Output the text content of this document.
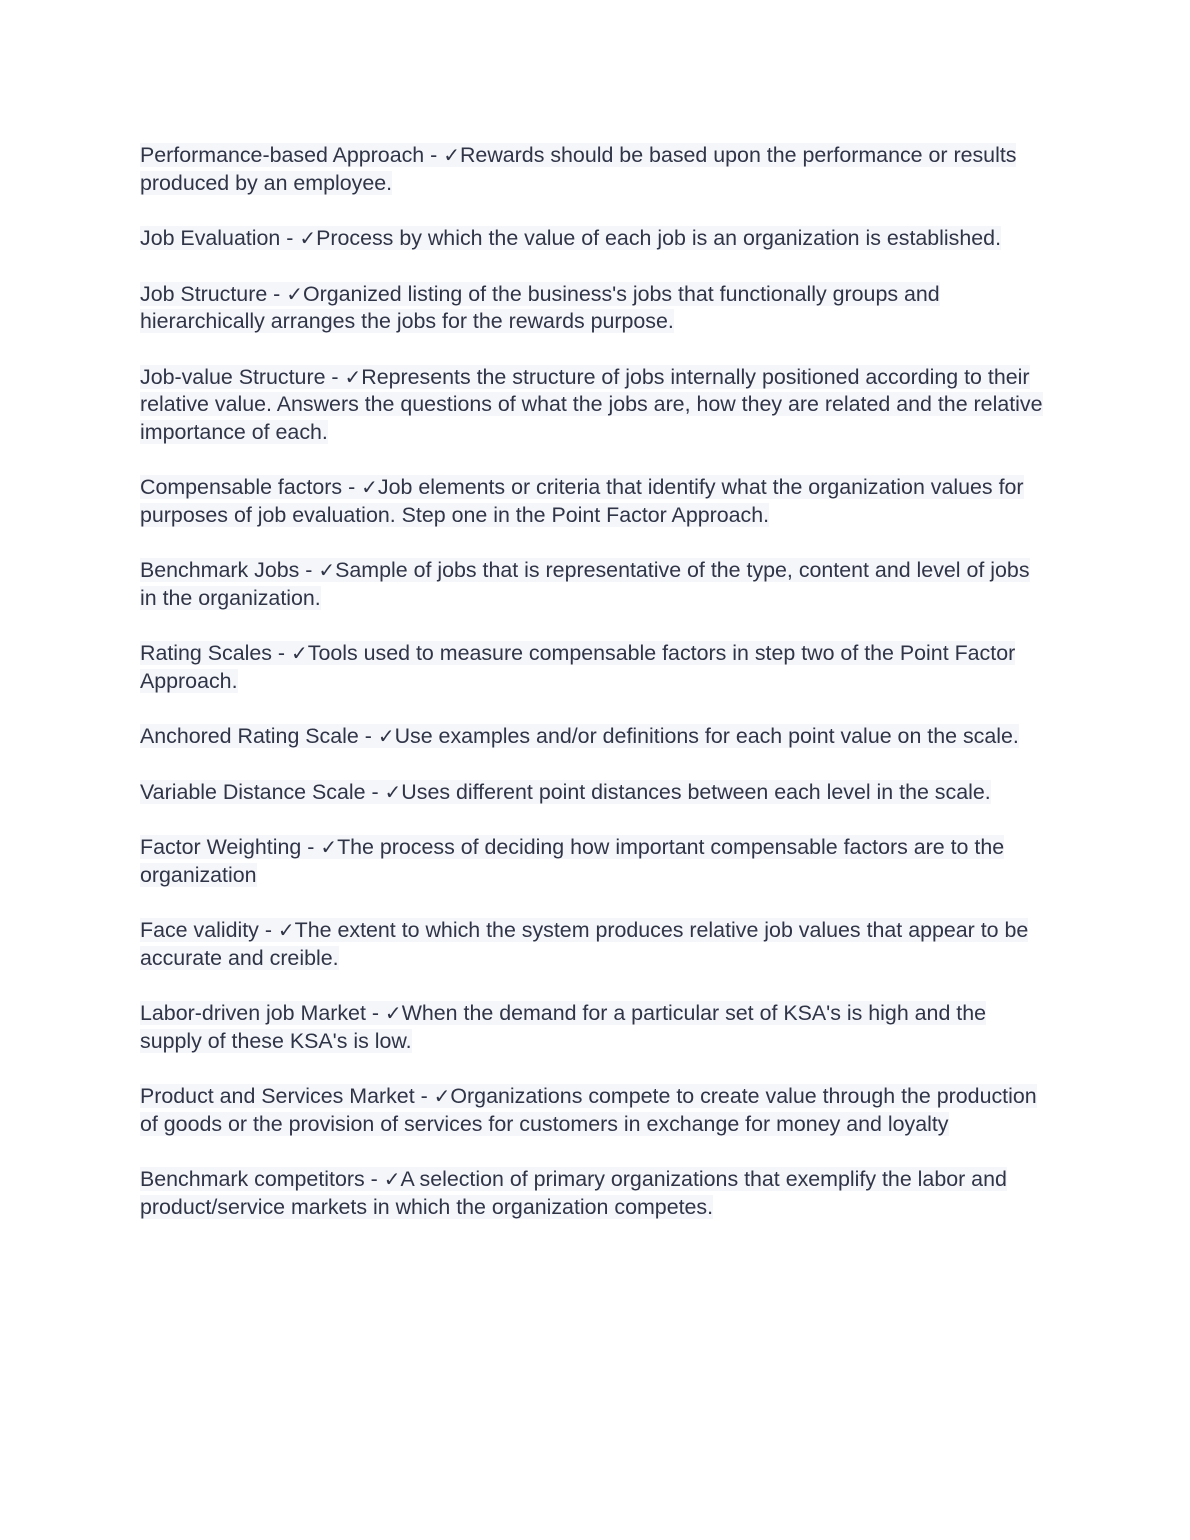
Performance-based Approach - ✓Rewards should be based upon the performance or results produced by an employee.

Job Evaluation - ✓Process by which the value of each job is an organization is established.

Job Structure - ✓Organized listing of the business's jobs that functionally groups and hierarchically arranges the jobs for the rewards purpose.

Job-value Structure - ✓Represents the structure of jobs internally positioned according to their relative value. Answers the questions of what the jobs are, how they are related and the relative importance of each.

Compensable factors - ✓Job elements or criteria that identify what the organization values for purposes of job evaluation. Step one in the Point Factor Approach.

Benchmark Jobs - ✓Sample of jobs that is representative of the type, content and level of jobs in the organization.

Rating Scales - ✓Tools used to measure compensable factors in step two of the Point Factor Approach.

Anchored Rating Scale - ✓Use examples and/or definitions for each point value on the scale.

Variable Distance Scale - ✓Uses different point distances between each level in the scale.

Factor Weighting - ✓The process of deciding how important compensable factors are to the organization

Face validity - ✓The extent to which the system produces relative job values that appear to be accurate and creible.

Labor-driven job Market - ✓When the demand for a particular set of KSA's is high and the supply of these KSA's is low.

Product and Services Market - ✓Organizations compete to create value through the production of goods or the provision of services for customers in exchange for money and loyalty

Benchmark competitors - ✓A selection of primary organizations that exemplify the labor and product/service markets in which the organization competes.
